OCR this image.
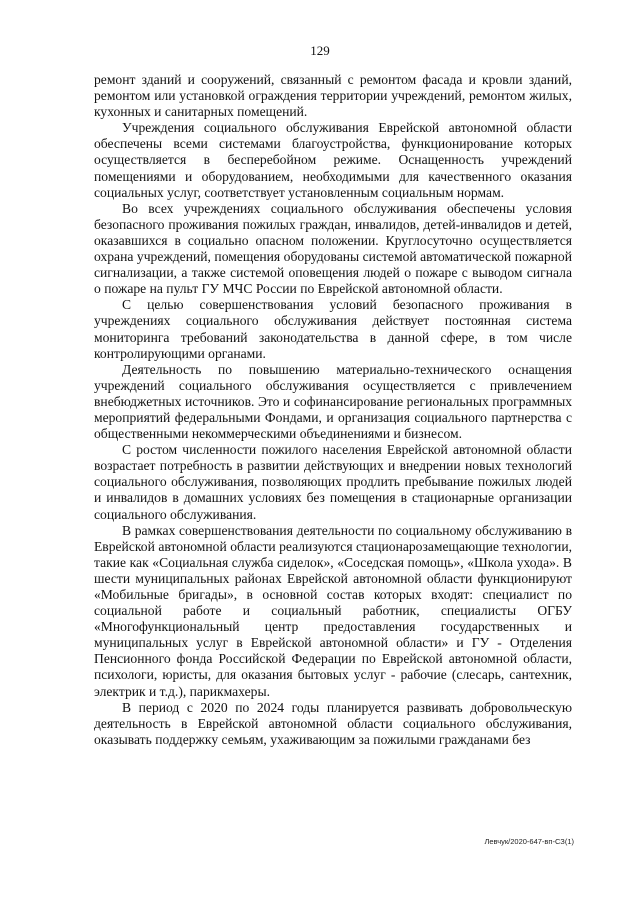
129

ремонт зданий и сооружений, связанный с ремонтом фасада и кровли зданий, ремонтом или установкой ограждения территории учреждений, ремонтом жилых, кухонных и санитарных помещений.

Учреждения социального обслуживания Еврейской автономной области обеспечены всеми системами благоустройства, функционирование которых осуществляется в бесперебойном режиме. Оснащенность учреждений помещениями и оборудованием, необходимыми для качественного оказания социальных услуг, соответствует установленным социальным нормам.

Во всех учреждениях социального обслуживания обеспечены условия безопасного проживания пожилых граждан, инвалидов, детей-инвалидов и детей, оказавшихся в социально опасном положении. Круглосуточно осуществляется охрана учреждений, помещения оборудованы системой автоматической пожарной сигнализации, а также системой оповещения людей о пожаре с выводом сигнала о пожаре на пульт ГУ МЧС России по Еврейской автономной области.

С целью совершенствования условий безопасного проживания в учреждениях социального обслуживания действует постоянная система мониторинга требований законодательства в данной сфере, в том числе контролирующими органами.

Деятельность по повышению материально-технического оснащения учреждений социального обслуживания осуществляется с привлечением внебюджетных источников. Это и софинансирование региональных программных мероприятий федеральными Фондами, и организация социального партнерства с общественными некоммерческими объединениями и бизнесом.

С ростом численности пожилого населения Еврейской автономной области возрастает потребность в развитии действующих и внедрении новых технологий социального обслуживания, позволяющих продлить пребывание пожилых людей и инвалидов в домашних условиях без помещения в стационарные организации социального обслуживания.

В рамках совершенствования деятельности по социальному обслуживанию в Еврейской автономной области реализуются стационарозамещающие технологии, такие как «Социальная служба сиделок», «Соседская помощь», «Школа ухода». В шести муниципальных районах Еврейской автономной области функционируют «Мобильные бригады», в основной состав которых входят: специалист по социальной работе и социальный работник, специалисты ОГБУ «Многофункциональный центр предоставления государственных и муниципальных услуг в Еврейской автономной области» и ГУ - Отделения Пенсионного фонда Российской Федерации по Еврейской автономной области, психологи, юристы, для оказания бытовых услуг - рабочие (слесарь, сантехник, электрик и т.д.), парикмахеры.

В период с 2020 по 2024 годы планируется развивать добровольческую деятельность в Еврейской автономной области социального обслуживания, оказывать поддержку семьям, ухаживающим за пожилыми гражданами без

Левчук/2020-647-вп-СЗ(1)
